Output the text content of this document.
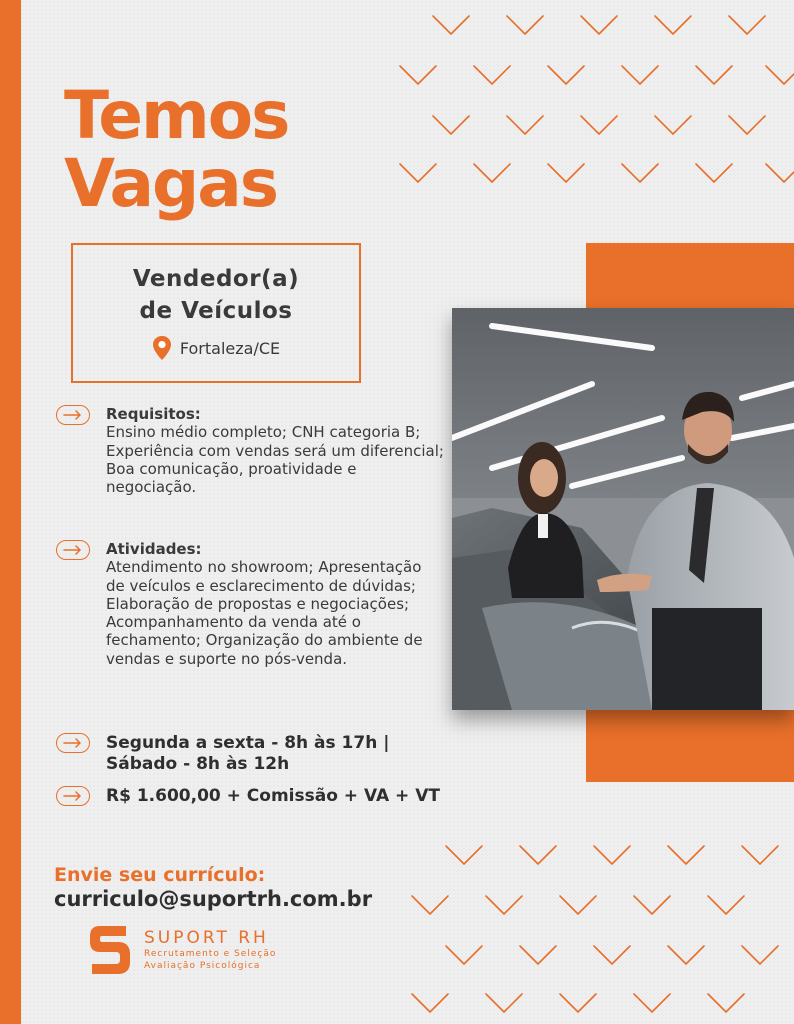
Temos
Vagas
Vendedor(a)
de Veículos
Fortaleza/CE
Requisitos:
Ensino médio completo; CNH categoria B; Experiência com vendas será um diferencial; Boa comunicação, proatividade e negociação.
Atividades:
Atendimento no showroom; Apresentação de veículos e esclarecimento de dúvidas; Elaboração de propostas e negociações; Acompanhamento da venda até o fechamento; Organização do ambiente de vendas e suporte no pós-venda.
Segunda a sexta - 8h às 17h |
Sábado - 8h às 12h
R$ 1.600,00 + Comissão + VA + VT
Envie seu currículo:
curriculo@suportrh.com.br
SUPORT RH
Recrutamento e Seleção
Avaliação Psicológica
